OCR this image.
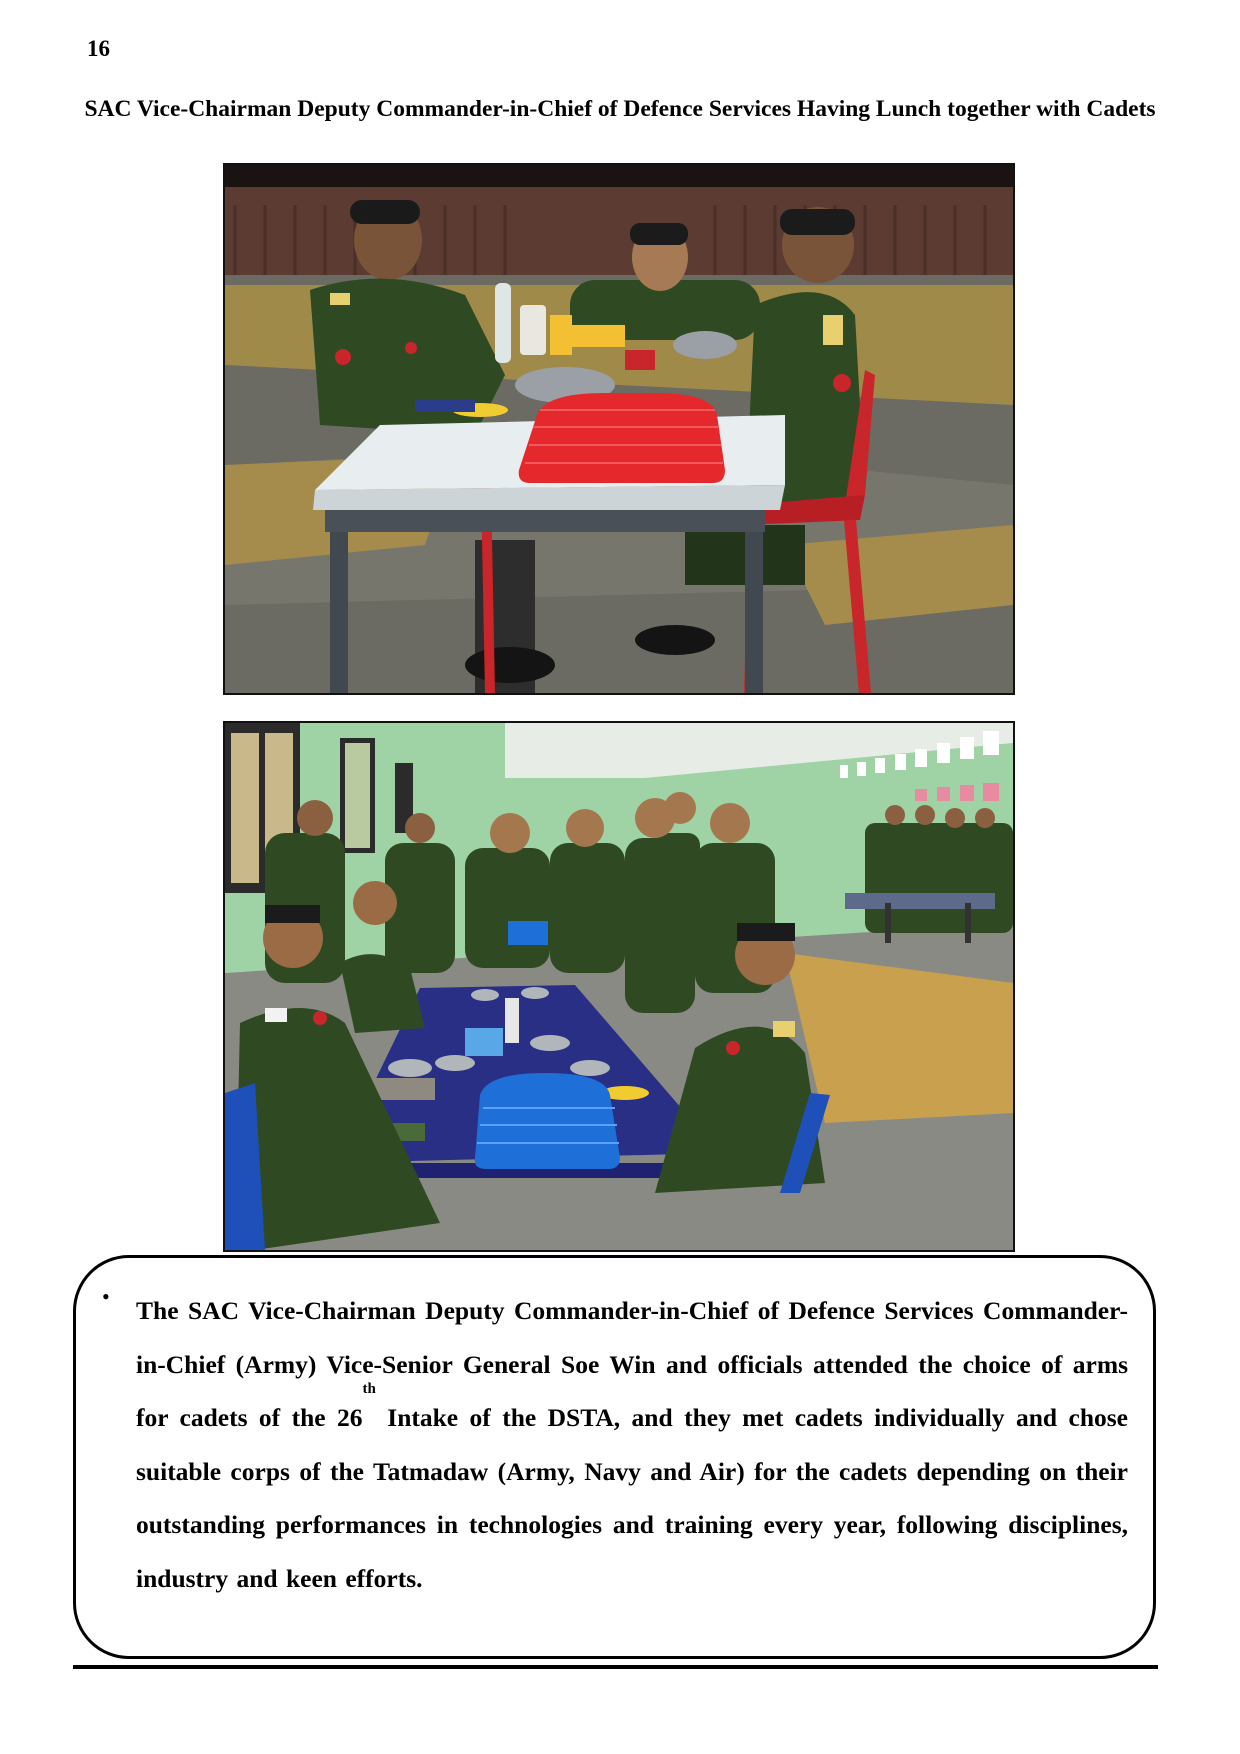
16
SAC Vice-Chairman Deputy Commander-in-Chief of Defence Services Having Lunch together with Cadets
• The SAC Vice-Chairman Deputy Commander-in-Chief of Defence Services Commander-in-Chief (Army) Vice-Senior General Soe Win and officials attended the choice of arms for cadets of the 26th Intake of the DSTA, and they met cadets individually and chose suitable corps of the Tatmadaw (Army, Navy and Air) for the cadets depending on their outstanding performances in technologies and training every year, following disciplines, industry and keen efforts.
